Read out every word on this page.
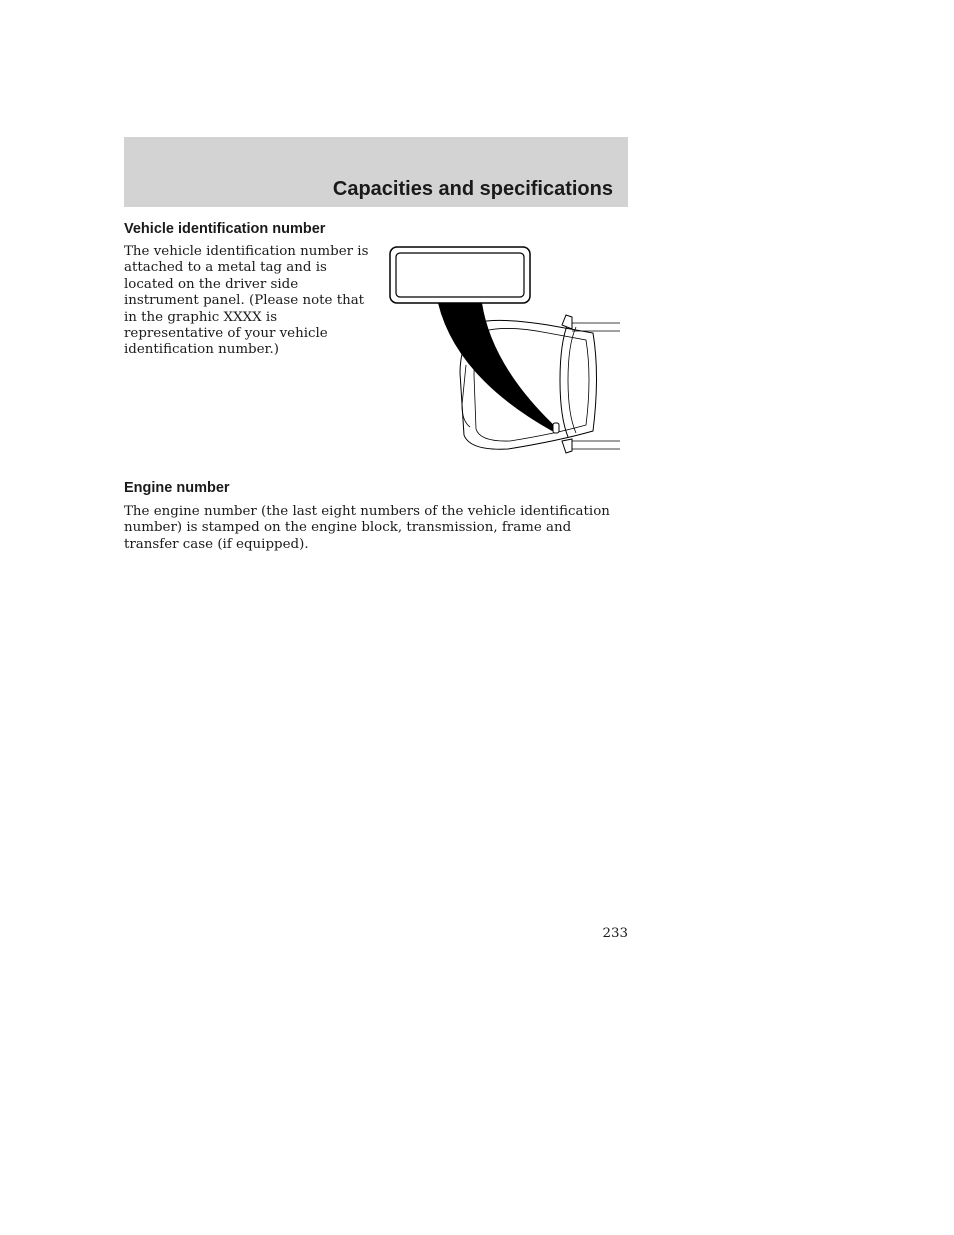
Capacities and specifications
Vehicle identification number

The vehicle identification number is attached to a metal tag and is located on the driver side instrument panel. (Please note that in the graphic XXXX is representative of your vehicle identification number.)

Engine number

The engine number (the last eight numbers of the vehicle identification number) is stamped on the engine block, transmission, frame and transfer case (if equipped).

233
